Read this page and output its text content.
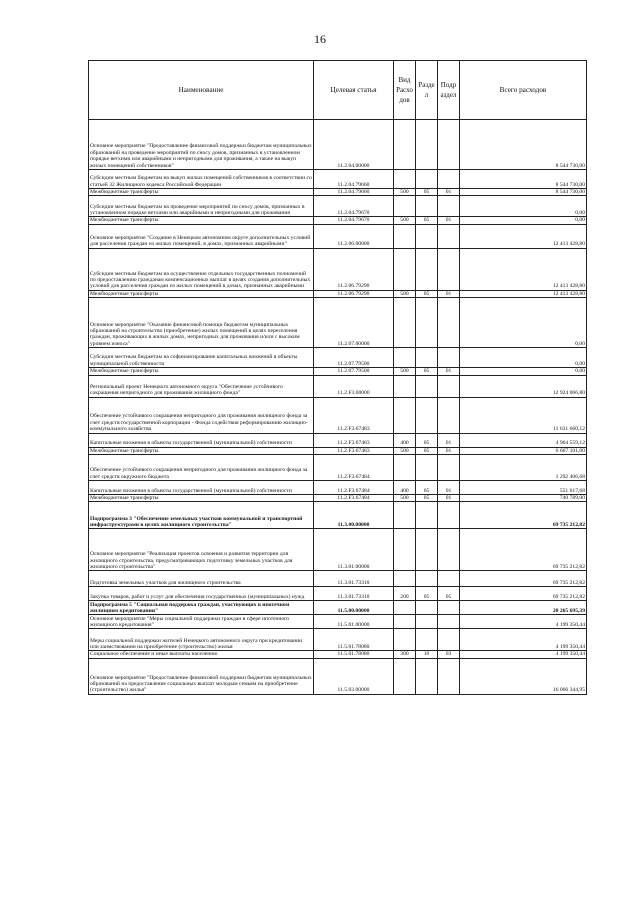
16
Наименование	Целевая статья	Вид Расхо дов	Разде л	Подр аздел	Всего расходов
Основное мероприятие "Предоставление финансовой поддержки бюджетам муниципальных образований на проведение мероприятий по сносу домов, признанных в установленном порядке ветхими или аварийными и непригодными для проживания, а также на выкуп жилых помещений собственников"	11.2.04.00000				8 544 730,00
Субсидии местным бюджетам на выкуп жилых помещений собственников в соответствии со статьей 32 Жилищного кодекса Российской Федерации	11.2.04.79660				8 544 730,00
Межбюджетные трансферты	11.2.04.79660	500	05	01	8 544 730,00
Субсидии местным бюджетам на проведение мероприятий по сносу домов, признанных в установленном порядке ветхими или аварийными и непригодными для проживания	11.2.04.79670				0,00
Межбюджетные трансферты	11.2.04.79670	500	05	01	0,00
Основное мероприятие "Создание в Ненецком автономном округе дополнительных условий для расселения граждан из жилых помещений, в домах, признанных аварийными"	11.2.06.00000				12 413 428,80
Субсидии местным бюджетам на осуществление отдельных государственных полномочий по предоставлению гражданам компенсационных выплат в целях создания дополнительных условий для расселения граждан из жилых помещений в домах, признанных аварийными	11.2.06.79290				12 413 428,80
Межбюджетные трансферты	11.2.06.79290	500	05	01	12 413 428,80
Основное мероприятие "Оказание финансовой помощи бюджетам муниципальных образований на строительство (приобретение) жилых помещений в целях переселения граждан, проживающих в жилых домах, непригодных для проживания и/или с высоким уровнем износа"	11.2.07.00000				0,00
Субсидии местным бюджетам на софинансирование капитальных вложений в объекты муниципальной собственности	11.2.07.79500				0,00
Межбюджетные трансферты	11.2.07.79500	500	05	01	0,00
Региональный проект Ненецкого автономного округа "Обеспечение устойчивого сокращения непригодного для проживания жилищного фонда"	11.2.F3.00000				12 924 066,80
Обеспечение устойчивого сокращения непригодного для проживания жилищного фонда за счет средств государственной корпорации - Фонда содействия реформированию жилищно-коммунального хозяйства	11.2.F3.67483				11 631 660,12
Капитальные вложения в объекты государственной (муниципальной) собственности	11.2.F3.67483	400	05	01	4 964 559,12
Межбюджетные трансферты	11.2.F3.67483	500	05	01	6 667 101,00
Обеспечение устойчивого сокращения непригодного для проживания жилищного фонда за счет средств окружного бюджета	11.2.F3.67484				1 292 406,68
Капитальные вложения в объекты государственной (муниципальной) собственности	11.2.F3.67484	400	05	01	551 617,68
Межбюджетные трансферты	11.2.F3.67484	500	05	01	740 789,00
Подпрограмма 3 "Обеспечение земельных участков коммунальной и транспортной инфраструктурами в целях жилищного строительства"	11.3.00.00000				69 735 212,82
Основное мероприятие "Реализация проектов освоения и развития территории для жилищного строительства, предусматривающих подготовку земельных участков для жилищного строительства"	11.3.01.00000				69 735 212,82
Подготовка земельных участков для жилищного строительства	11.3.01.73310				69 735 212,82
Закупка товаров, работ и услуг для обеспечения государственных (муниципальных) нужд	11.3.01.73310	200	05	05	69 735 212,82
Подпрограмма 5 "Социальная поддержка граждан, участвующих в ипотечном жилищном кредитовании"	11.5.00.00000				20 265 695,39
Основное мероприятие "Меры социальной поддержки граждан в сфере ипотечного жилищного кредитования"	11.5.01.00000				4 199 350,44
Меры социальной поддержки жителей Ненецкого автономного округа при кредитовании или заимствовании на приобретение (строительство) жилья	11.5.01.78080				4 199 350,44
Социальное обеспечение и иные выплаты населению	11.5.01.78080	300	10	03	4 199 350,44
Основное мероприятие "Предоставление финансовой поддержки бюджетам муниципальных образований на предоставление социальных выплат молодым семьям на приобретение (строительство) жилья"	11.5.03.00000				16 066 344,95
